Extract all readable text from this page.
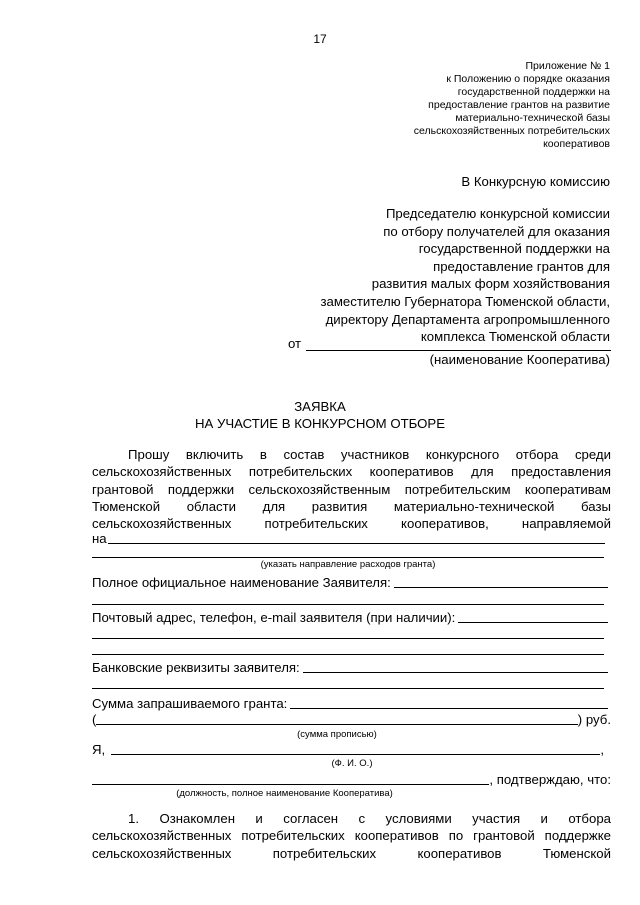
17
Приложение № 1
к Положению о порядке оказания
государственной поддержки на
предоставление грантов на развитие
материально-технической базы
сельскохозяйственных потребительских
кооперативов
В Конкурсную комиссию
Председателю конкурсной комиссии
по отбору получателей для оказания
государственной поддержки на
предоставление грантов для
развития малых форм хозяйствования
заместителю Губернатора Тюменской области,
директору Департамента агропромышленного
комплекса Тюменской области
от
(наименование Кооператива)
ЗАЯВКА
НА УЧАСТИЕ В КОНКУРСНОМ ОТБОРЕ
Прошу включить в состав участников конкурсного отбора среди сельскохозяйственных потребительских кооперативов для предоставления грантовой поддержки сельскохозяйственным потребительским кооперативам Тюменской области для развития материально-технической базы сельскохозяйственных потребительских кооперативов, направляемой
на
(указать направление расходов гранта)
Полное официальное наименование Заявителя:
Почтовый адрес, телефон, e-mail заявителя (при наличии):
Банковские реквизиты заявителя:
Сумма запрашиваемого гранта:
(	) руб.
(сумма прописью)
Я,	,
(Ф. И. О.)
, подтверждаю, что:
(должность, полное наименование Кооператива)
1. Ознакомлен и согласен с условиями участия и отбора сельскохозяйственных потребительских кооперативов по грантовой поддержке сельскохозяйственных потребительских кооперативов Тюменской
